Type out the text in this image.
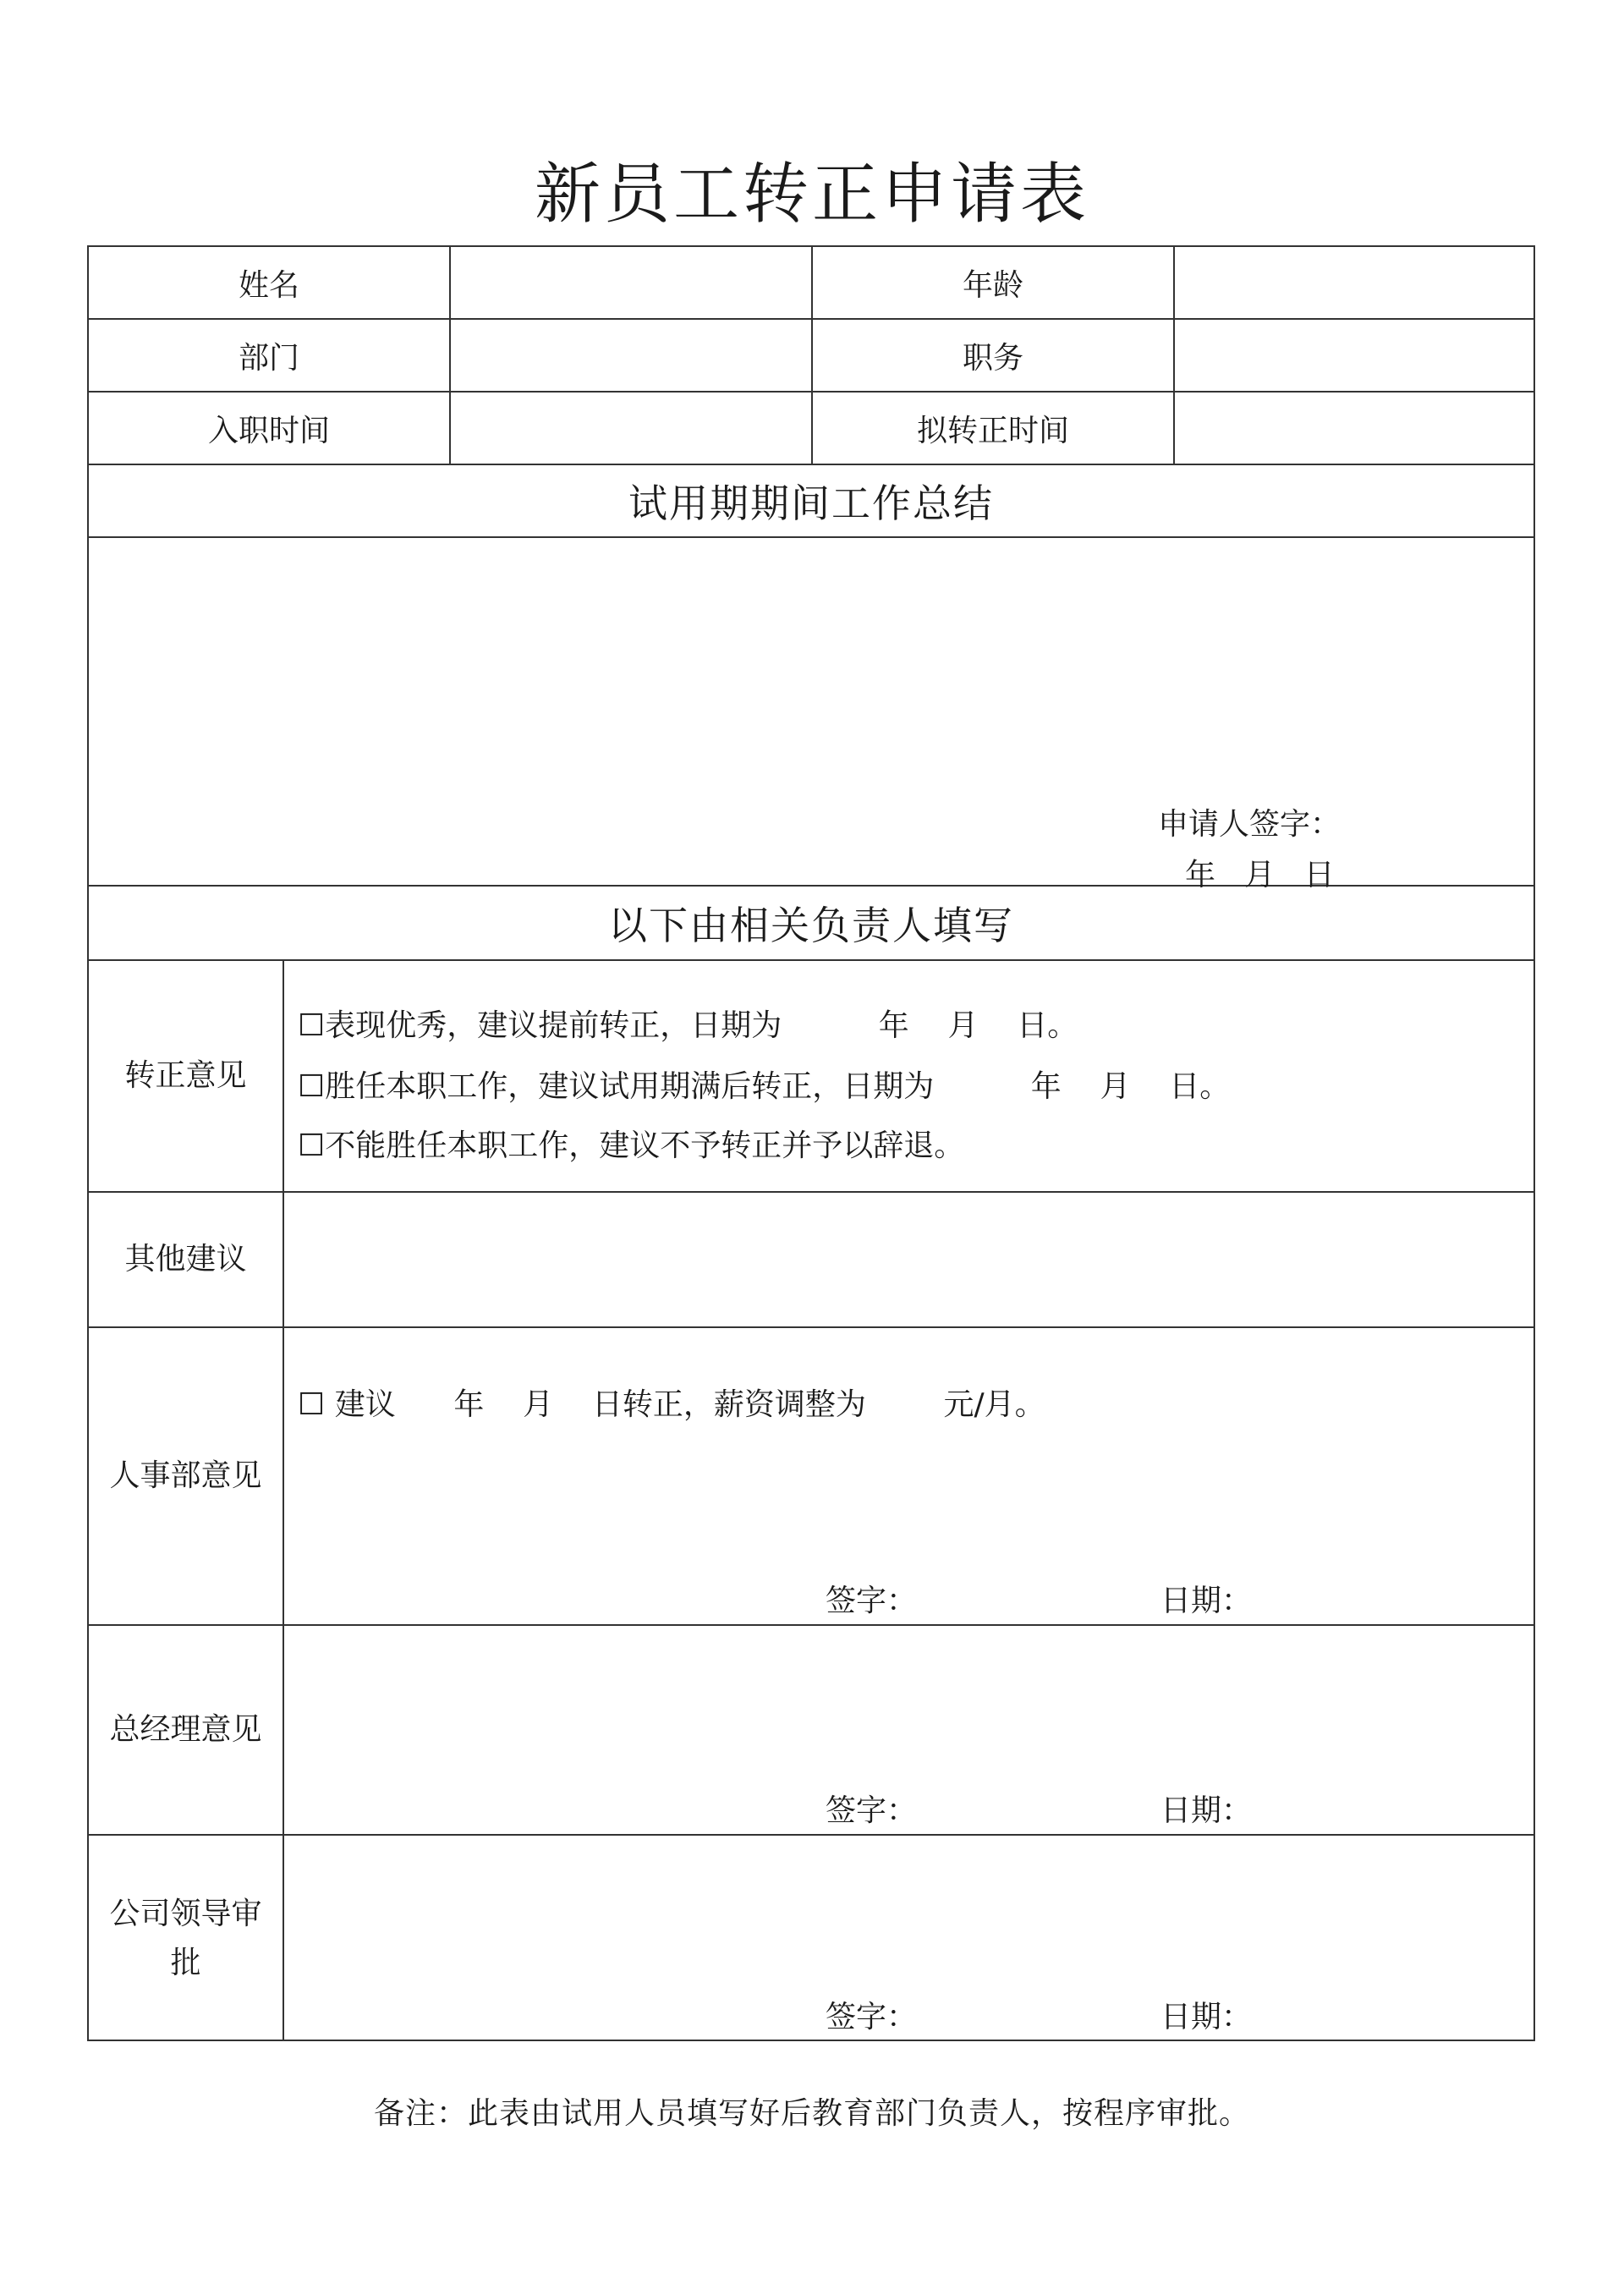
新员工转正申请表
姓名	年龄
部门	职务
入职时间	拟转正时间
试用期期间工作总结
申请人签字：
年   月   日
以下由相关负责人填写
转正意见
☐表现优秀，建议提前转正，日期为          年    月    日。
☐胜任本职工作，建议试用期满后转正，日期为          年    月    日。
☐不能胜任本职工作，建议不予转正并予以辞退。
其他建议
人事部意见
☐ 建议      年    月    日转正，薪资调整为        元/月。
签字：	日期：
总经理意见
签字：	日期：
公司领导审批
签字：	日期：
备注：此表由试用人员填写好后教育部门负责人，按程序审批。
